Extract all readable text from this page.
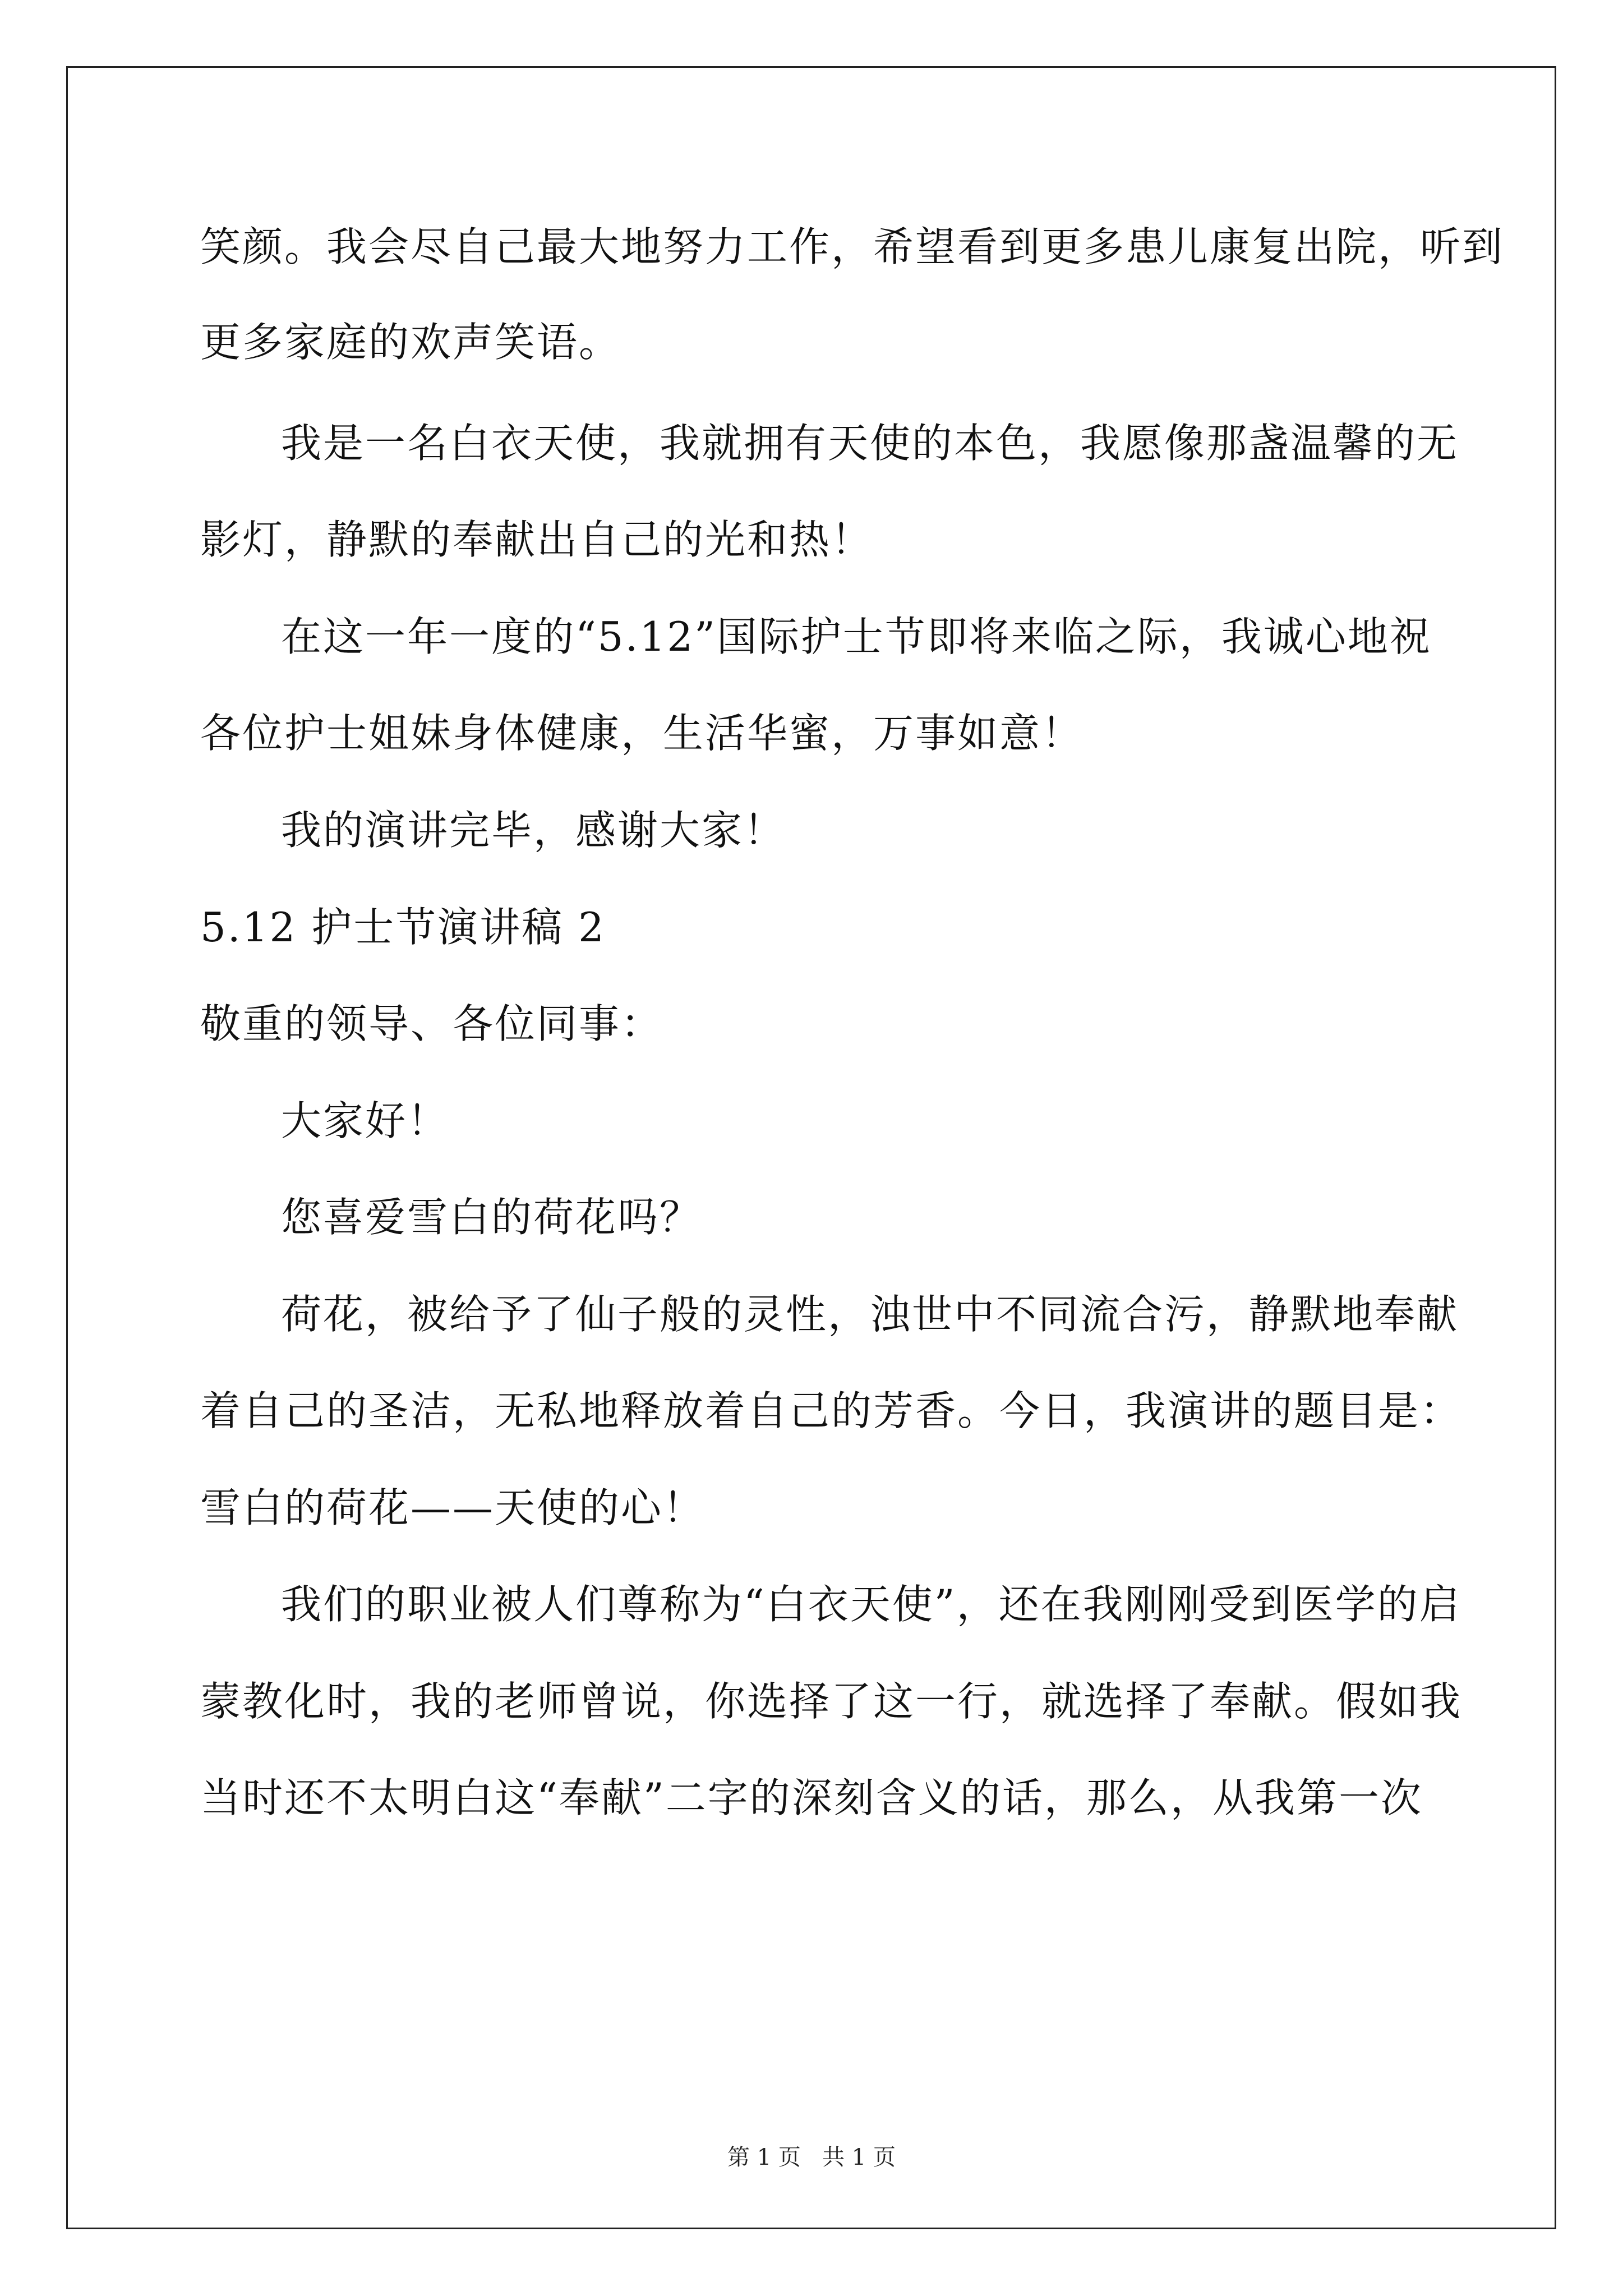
笑颜。我会尽自己最大地努力工作，希望看到更多患儿康复出院，听到
更多家庭的欢声笑语。
我是一名白衣天使，我就拥有天使的本色，我愿像那盏温馨的无
影灯，静默的奉献出自己的光和热！
在这一年一度的“5.12”国际护士节即将来临之际，我诚心地祝
各位护士姐妹身体健康，生活华蜜，万事如意！
我的演讲完毕，感谢大家！
5.12 护士节演讲稿 2
敬重的领导、各位同事：
大家好！
您喜爱雪白的荷花吗？
荷花，被给予了仙子般的灵性，浊世中不同流合污，静默地奉献
着自己的圣洁，无私地释放着自己的芳香。今日，我演讲的题目是：
雪白的荷花——天使的心！
我们的职业被人们尊称为“白衣天使”，还在我刚刚受到医学的启
蒙教化时，我的老师曾说，你选择了这一行，就选择了奉献。假如我
当时还不太明白这“奉献”二字的深刻含义的话，那么，从我第一次
第 1 页   共 1 页
